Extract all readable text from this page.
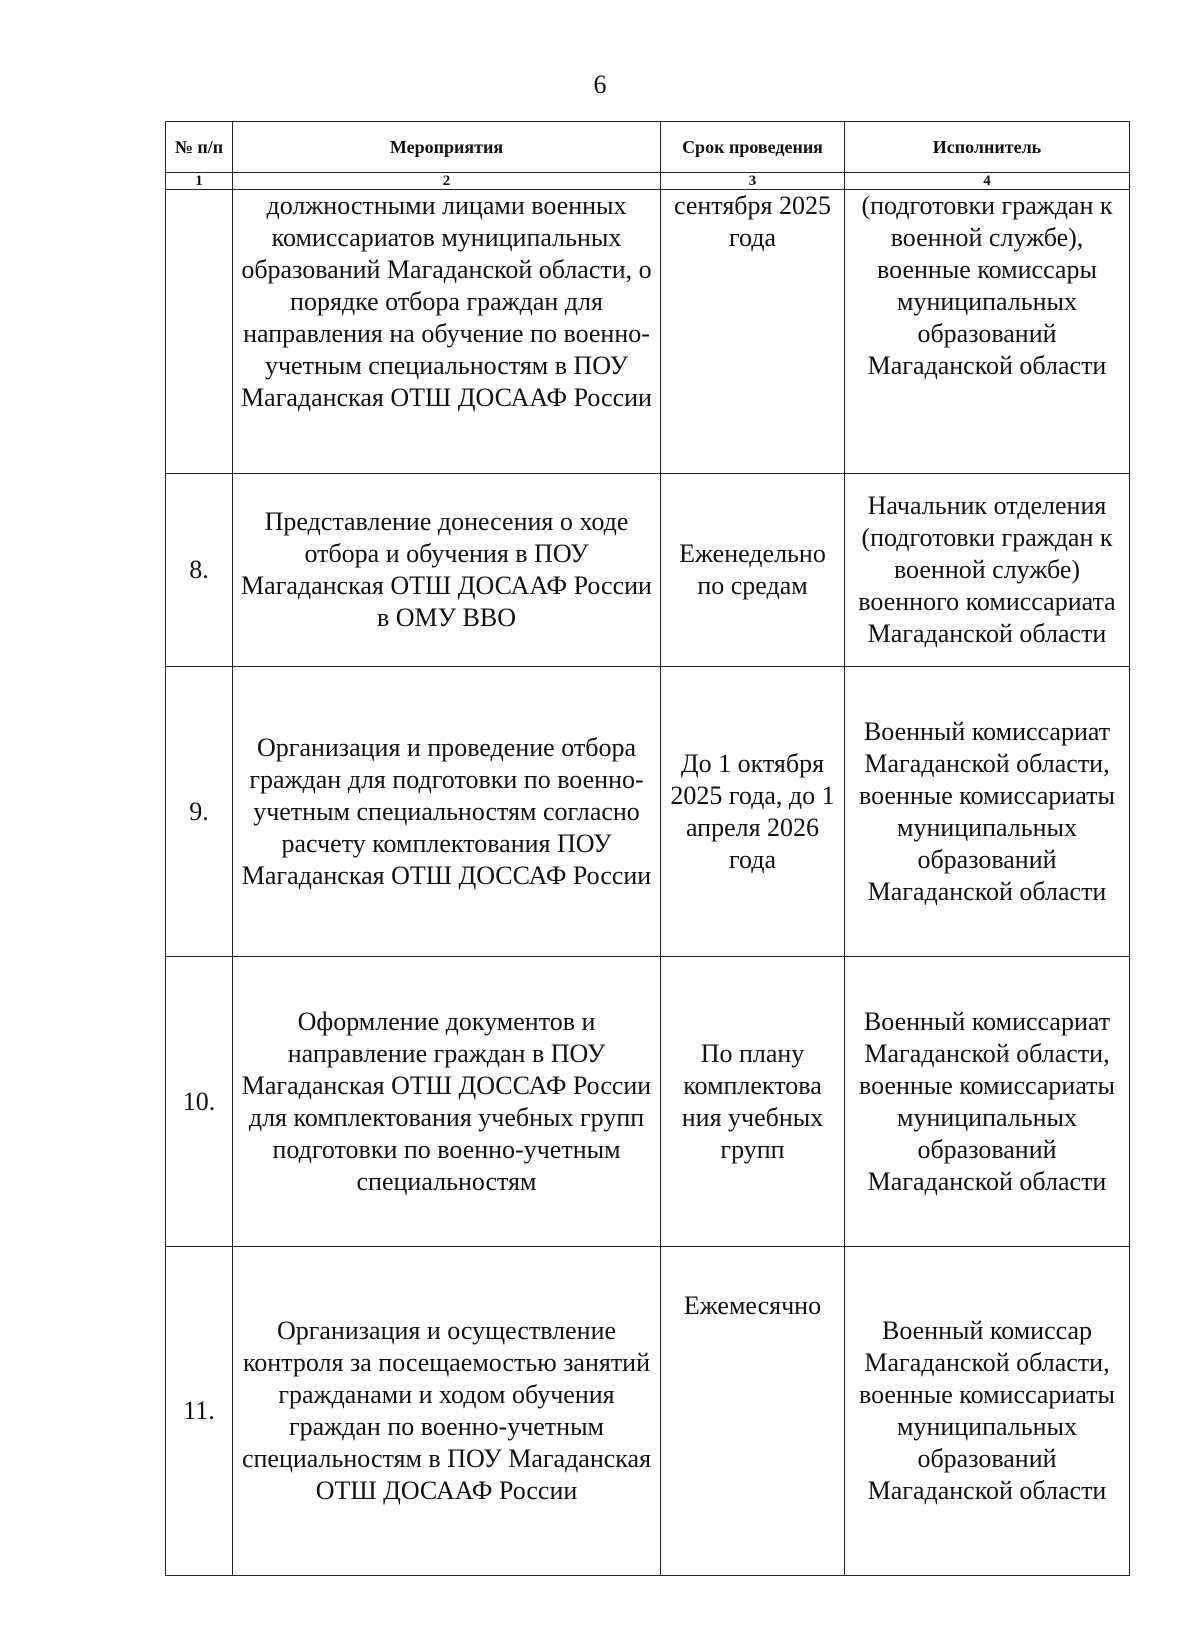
6
№ п/п	Мероприятия	Срок проведения	Исполнитель
1	2	3	4
	должностными лицами военных комиссариатов муниципальных образований Магаданской области, о порядке отбора граждан для направления на обучение по военно-учетным специальностям в ПОУ Магаданская ОТШ ДОСААФ России	сентября 2025 года	(подготовки граждан к военной службе), военные комиссары муниципальных образований Магаданской области
8.	Представление донесения о ходе отбора и обучения в ПОУ Магаданская ОТШ ДОСААФ России в ОМУ ВВО	Еженедельно по средам	Начальник отделения (подготовки граждан к военной службе) военного комиссариата Магаданской области
9.	Организация и проведение отбора граждан для подготовки по военно-учетным специальностям согласно расчету комплектования ПОУ Магаданская ОТШ ДОССАФ России	До 1 октября 2025 года, до 1 апреля 2026 года	Военный комиссариат Магаданской области, военные комиссариаты муниципальных образований Магаданской области
10.	Оформление документов и направление граждан в ПОУ Магаданская ОТШ ДОССАФ России для комплектования учебных групп подготовки по военно-учетным специальностям	По плану комплектова ния учебных групп	Военный комиссариат Магаданской области, военные комиссариаты муниципальных образований Магаданской области
11.	Организация и осуществление контроля за посещаемостью занятий гражданами и ходом обучения граждан по военно-учетным специальностям в ПОУ Магаданская ОТШ ДОСААФ России	Ежемесячно	Военный комиссар Магаданской области, военные комиссариаты муниципальных образований Магаданской области
